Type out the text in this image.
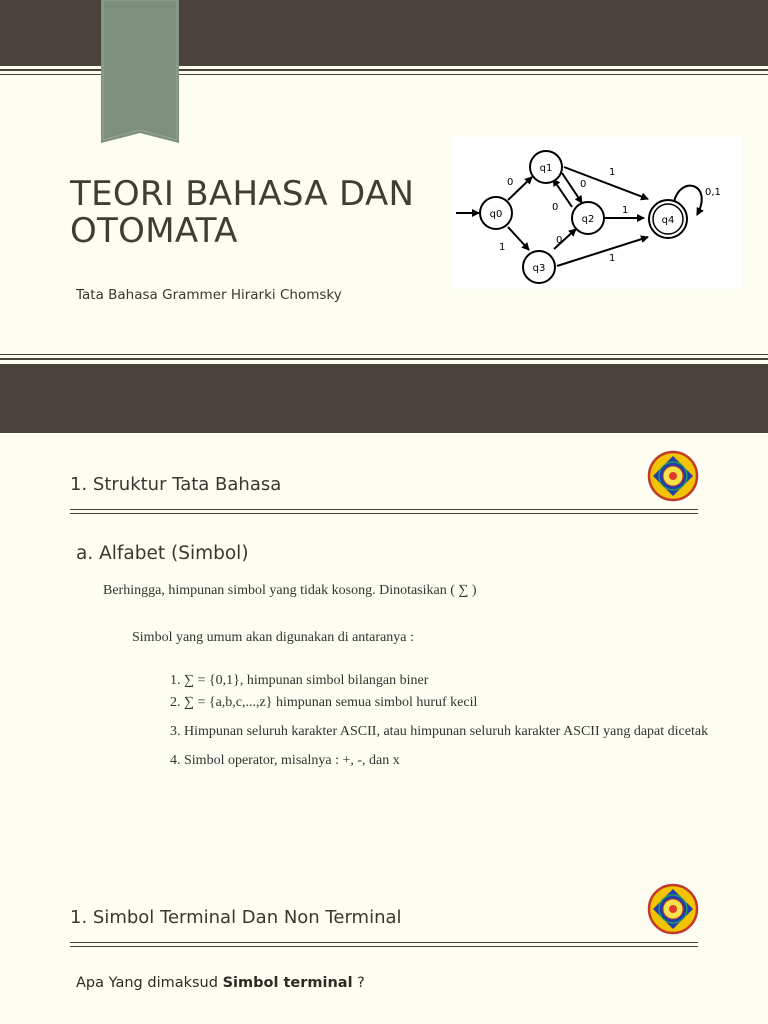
TEORI BAHASA DAN
OTOMATA
Tata Bahasa Grammer Hirarki Chomsky
q0
q1
q2
q3
q4
0	0
0
0
1
1
1
1
0,1
1. Struktur Tata Bahasa
a. Alfabet (Simbol)
Berhingga, himpunan simbol yang tidak kosong. Dinotasikan ( ∑ )
Simbol yang umum akan digunakan di antaranya :
1. ∑ = {0,1}, himpunan simbol bilangan biner
2. ∑ = {a,b,c,...,z} himpunan semua simbol huruf kecil
3. Himpunan seluruh karakter ASCII, atau himpunan seluruh karakter ASCII yang dapat dicetak
4. Simbol operator, misalnya : +, -, dan x
1. Simbol Terminal Dan Non Terminal
Apa Yang dimaksud Simbol terminal ?
